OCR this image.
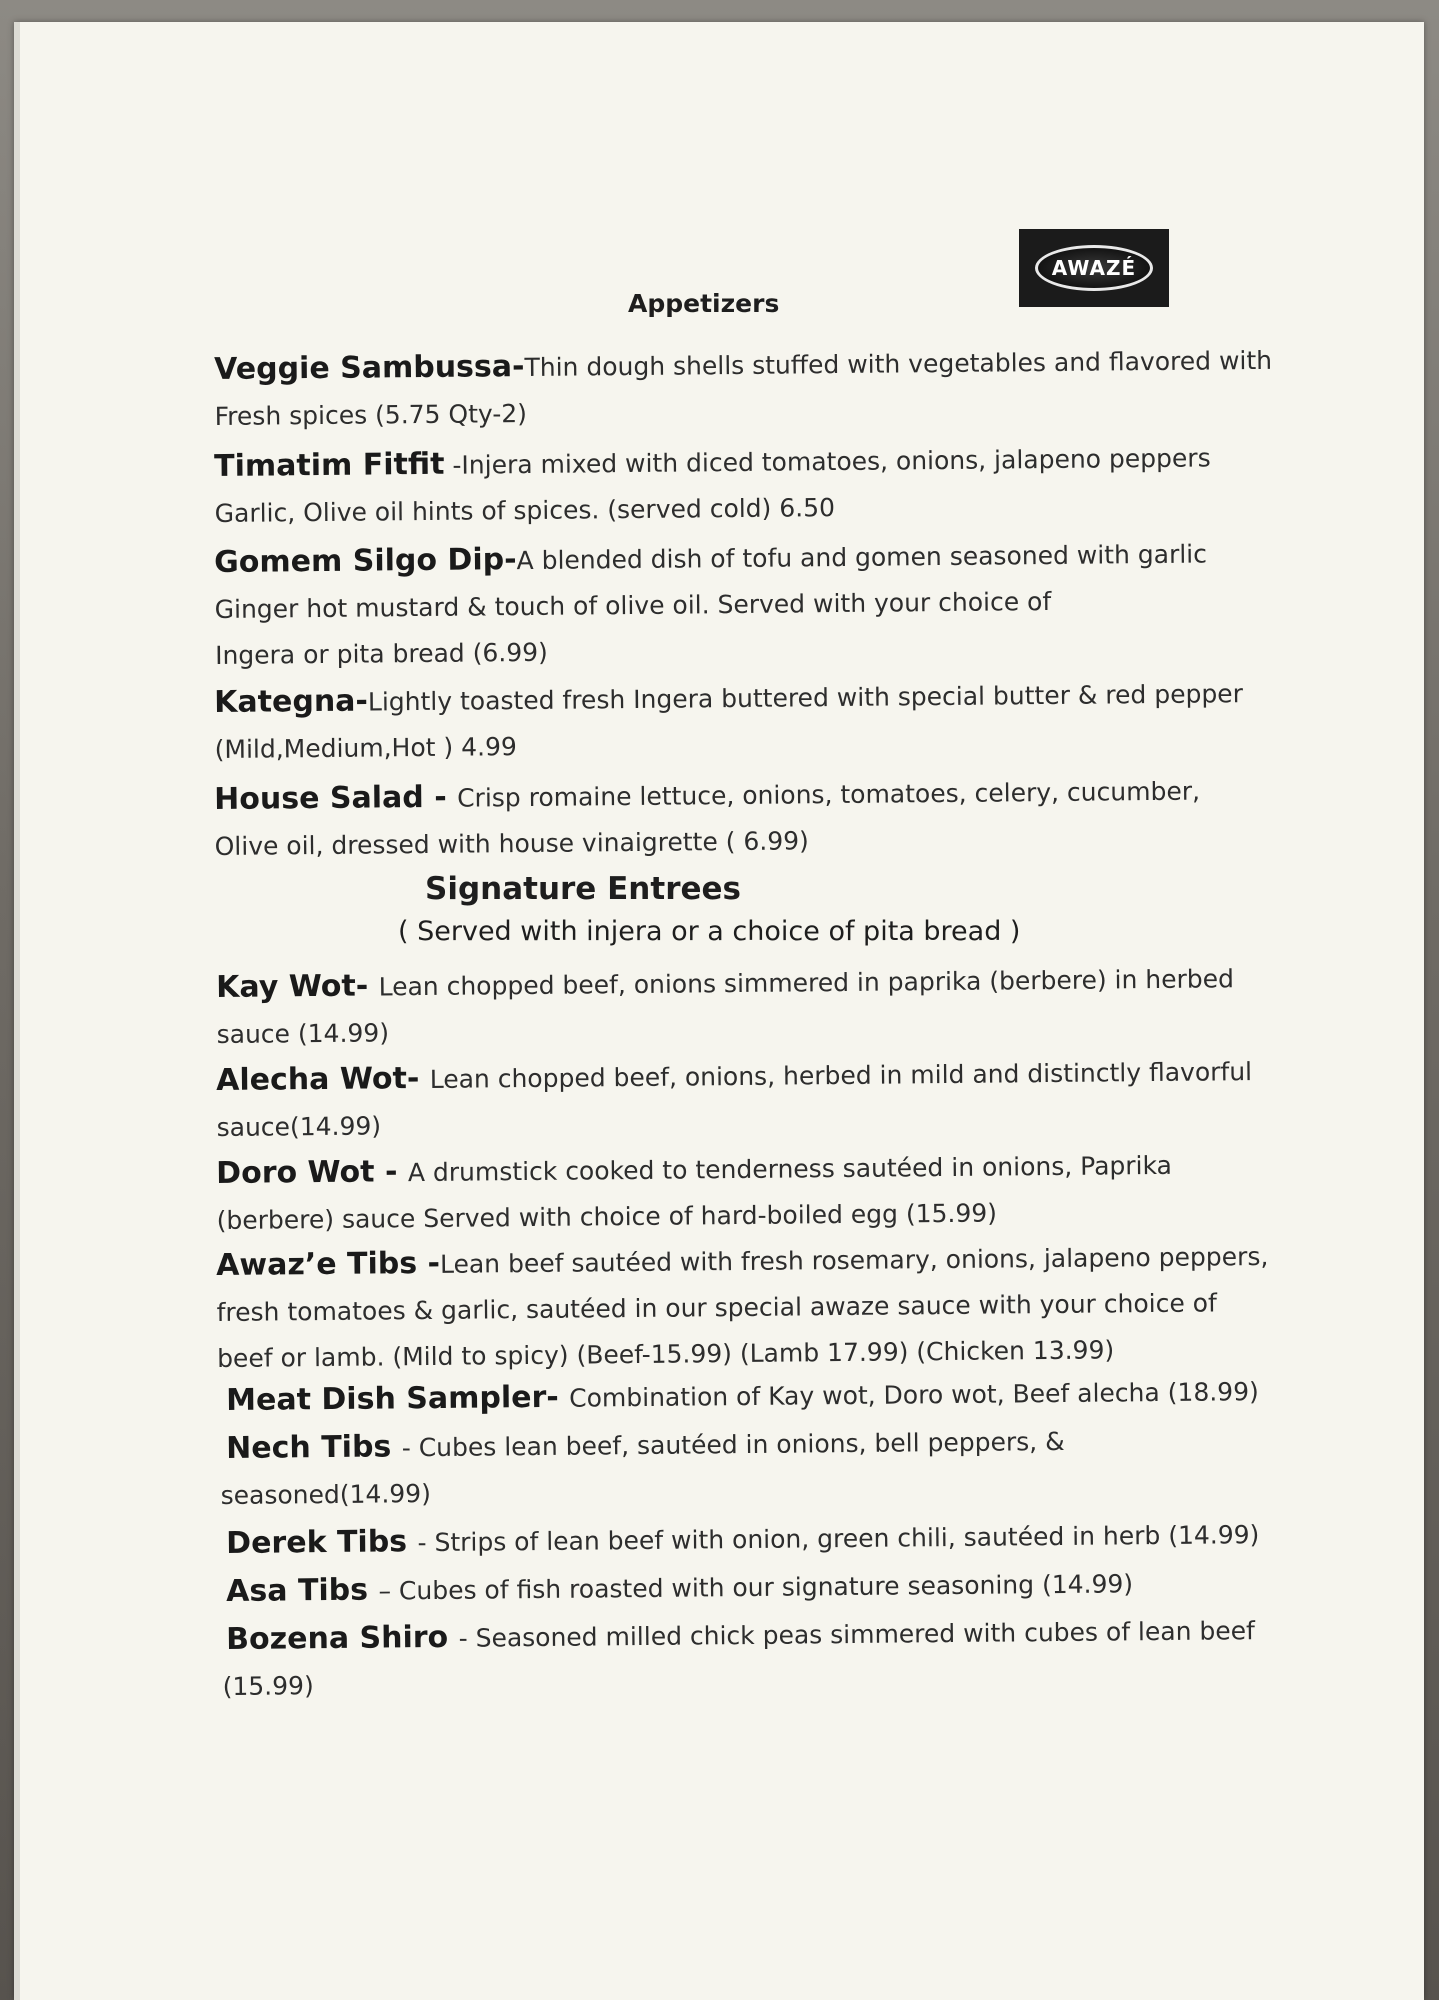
AWAZÉ
Appetizers
Veggie Sambussa-Thin dough shells stuffed with vegetables and flavored with
Fresh spices (5.75 Qty-2)
Timatim Fitfit -Injera mixed with diced tomatoes, onions, jalapeno peppers
Garlic, Olive oil hints of spices. (served cold) 6.50
Gomem Silgo Dip-A blended dish of tofu and gomen seasoned with garlic
Ginger hot mustard & touch of olive oil. Served with your choice of
Ingera or pita bread (6.99)
Kategna-Lightly toasted fresh Ingera buttered with special butter & red pepper
(Mild,Medium,Hot ) 4.99
House Salad - Crisp romaine lettuce, onions, tomatoes, celery, cucumber,
Olive oil, dressed with house vinaigrette ( 6.99)
Signature Entrees
( Served with injera or a choice of pita bread )
Kay Wot- Lean chopped beef, onions simmered in paprika (berbere) in herbed
sauce (14.99)
Alecha Wot- Lean chopped beef, onions, herbed in mild and distinctly flavorful
sauce(14.99)
Doro Wot - A drumstick cooked to tenderness sautéed in onions, Paprika
(berbere) sauce Served with choice of hard-boiled egg (15.99)
Awaz’e Tibs -Lean beef sautéed with fresh rosemary, onions, jalapeno peppers,
fresh tomatoes & garlic, sautéed in our special awaze sauce with your choice of
beef or lamb. (Mild to spicy) (Beef-15.99) (Lamb 17.99) (Chicken 13.99)
Meat Dish Sampler- Combination of Kay wot, Doro wot, Beef alecha (18.99)
Nech Tibs - Cubes lean beef, sautéed in onions, bell peppers, &
seasoned(14.99)
Derek Tibs - Strips of lean beef with onion, green chili, sautéed in herb (14.99)
Asa Tibs – Cubes of fish roasted with our signature seasoning (14.99)
Bozena Shiro - Seasoned milled chick peas simmered with cubes of lean beef
(15.99)
